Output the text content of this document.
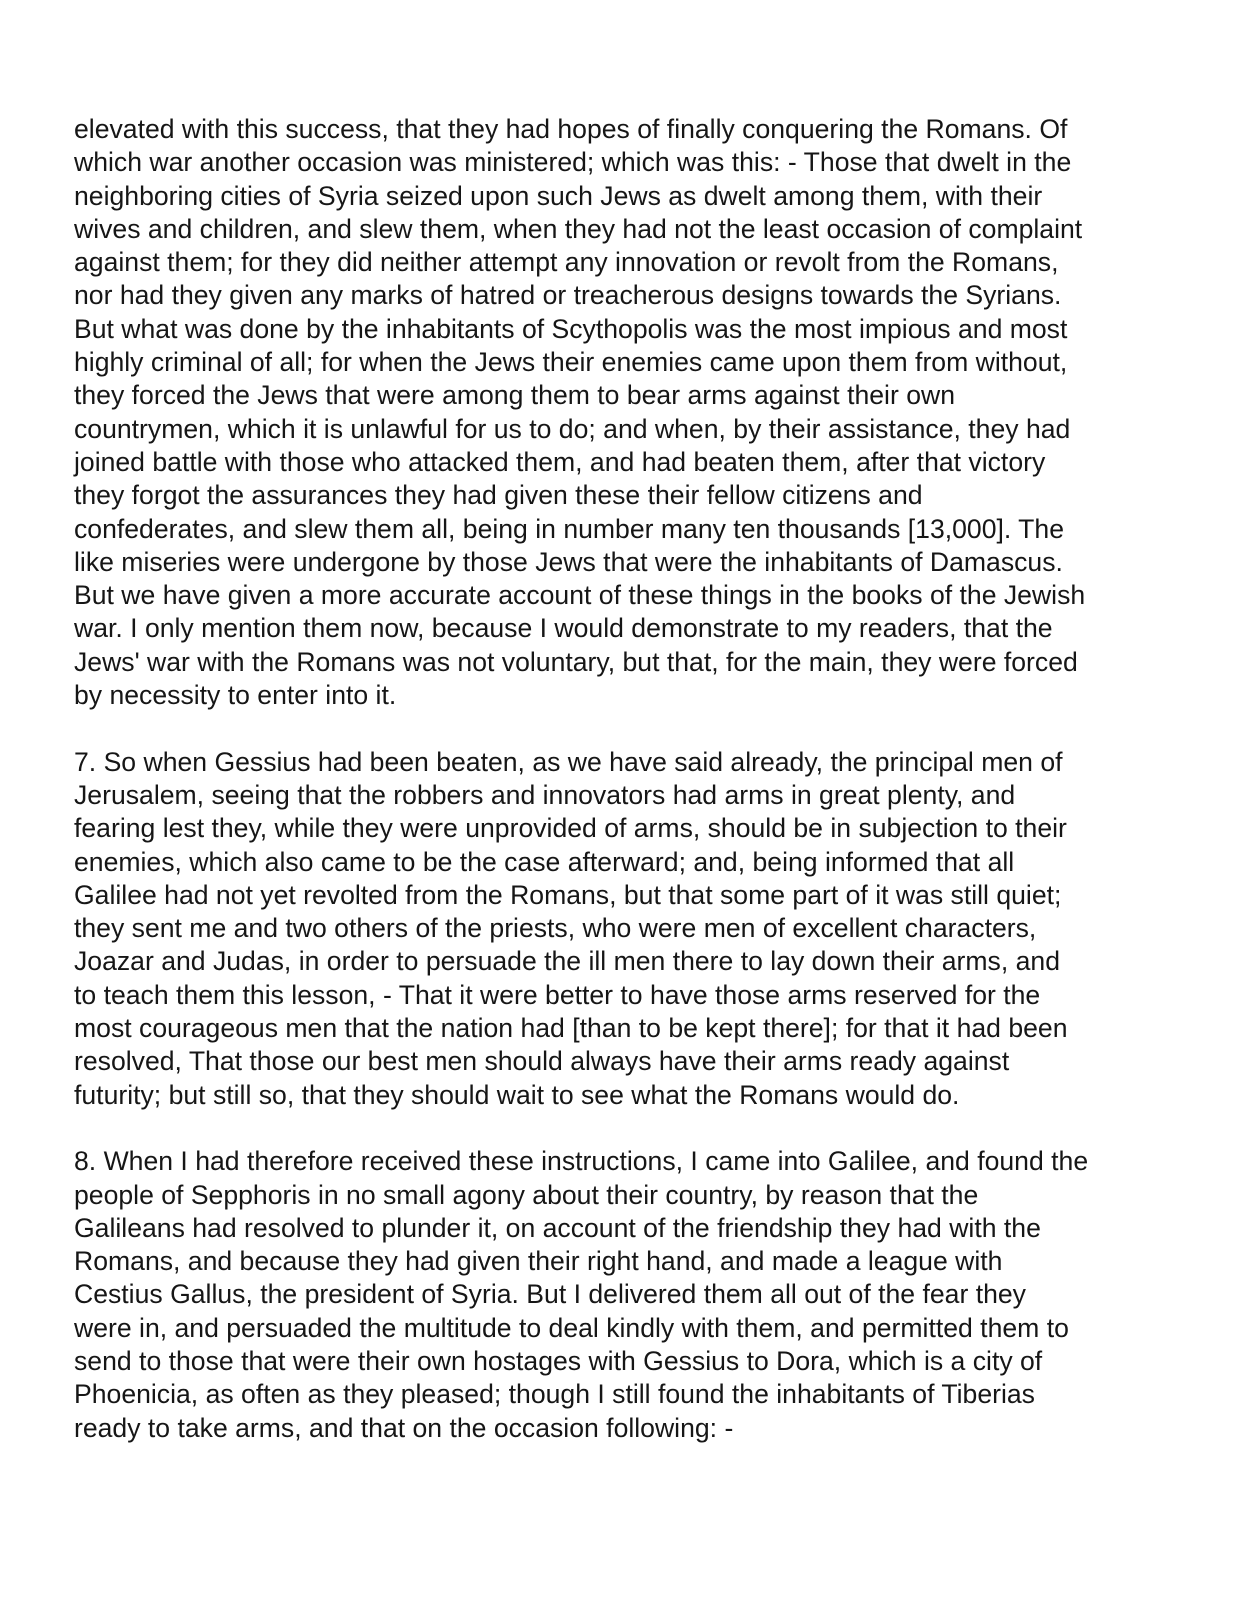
elevated with this success, that they had hopes of finally conquering the Romans. Of
which war another occasion was ministered; which was this: - Those that dwelt in the
neighboring cities of Syria seized upon such Jews as dwelt among them, with their
wives and children, and slew them, when they had not the least occasion of complaint
against them; for they did neither attempt any innovation or revolt from the Romans,
nor had they given any marks of hatred or treacherous designs towards the Syrians.
But what was done by the inhabitants of Scythopolis was the most impious and most
highly criminal of all; for when the Jews their enemies came upon them from without,
they forced the Jews that were among them to bear arms against their own
countrymen, which it is unlawful for us to do; and when, by their assistance, they had
joined battle with those who attacked them, and had beaten them, after that victory
they forgot the assurances they had given these their fellow citizens and
confederates, and slew them all, being in number many ten thousands [13,000]. The
like miseries were undergone by those Jews that were the inhabitants of Damascus.
But we have given a more accurate account of these things in the books of the Jewish
war. I only mention them now, because I would demonstrate to my readers, that the
Jews' war with the Romans was not voluntary, but that, for the main, they were forced
by necessity to enter into it.
7. So when Gessius had been beaten, as we have said already, the principal men of
Jerusalem, seeing that the robbers and innovators had arms in great plenty, and
fearing lest they, while they were unprovided of arms, should be in subjection to their
enemies, which also came to be the case afterward; and, being informed that all
Galilee had not yet revolted from the Romans, but that some part of it was still quiet;
they sent me and two others of the priests, who were men of excellent characters,
Joazar and Judas, in order to persuade the ill men there to lay down their arms, and
to teach them this lesson, - That it were better to have those arms reserved for the
most courageous men that the nation had [than to be kept there]; for that it had been
resolved, That those our best men should always have their arms ready against
futurity; but still so, that they should wait to see what the Romans would do.
8. When I had therefore received these instructions, I came into Galilee, and found the
people of Sepphoris in no small agony about their country, by reason that the
Galileans had resolved to plunder it, on account of the friendship they had with the
Romans, and because they had given their right hand, and made a league with
Cestius Gallus, the president of Syria. But I delivered them all out of the fear they
were in, and persuaded the multitude to deal kindly with them, and permitted them to
send to those that were their own hostages with Gessius to Dora, which is a city of
Phoenicia, as often as they pleased; though I still found the inhabitants of Tiberias
ready to take arms, and that on the occasion following: -
